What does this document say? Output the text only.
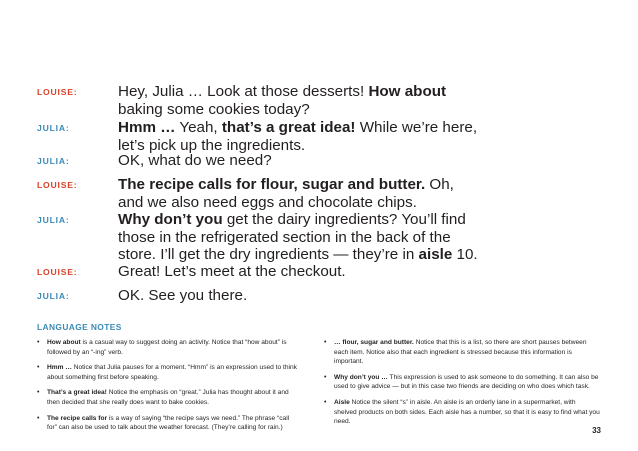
LOUISE:	Hey, Julia … Look at those desserts! How about baking some cookies today?
JULIA:	Hmm … Yeah, that’s a great idea! While we’re here, let’s pick up the ingredients.
JULIA:	OK, what do we need?
LOUISE:	The recipe calls for flour, sugar and butter. Oh, and we also need eggs and chocolate chips.
JULIA:	Why don’t you get the dairy ingredients? You’ll find those in the refrigerated section in the back of the store. I’ll get the dry ingredients — they’re in aisle 10.
LOUISE:	Great! Let’s meet at the checkout.
JULIA:	OK. See you there.
LANGUAGE NOTES
• How about is a casual way to suggest doing an activity. Notice that “how about” is followed by an “-ing” verb.
• Hmm … Notice that Julia pauses for a moment. “Hmm” is an expression used to think about something first before speaking.
• That’s a great idea! Notice the emphasis on “great.” Julia has thought about it and then decided that she really does want to bake cookies.
• The recipe calls for is a way of saying “the recipe says we need.” The phrase “call for” can also be used to talk about the weather forecast. (They’re calling for rain.)
• … flour, sugar and butter. Notice that this is a list, so there are short pauses between each item. Notice also that each ingredient is stressed because this information is important.
• Why don’t you … This expression is used to ask someone to do something. It can also be used to give advice — but in this case two friends are deciding on who does which task.
• Aisle Notice the silent “s” in aisle. An aisle is an orderly lane in a supermarket, with shelved products on both sides. Each aisle has a number, so that it is easy to find what you need.
33
